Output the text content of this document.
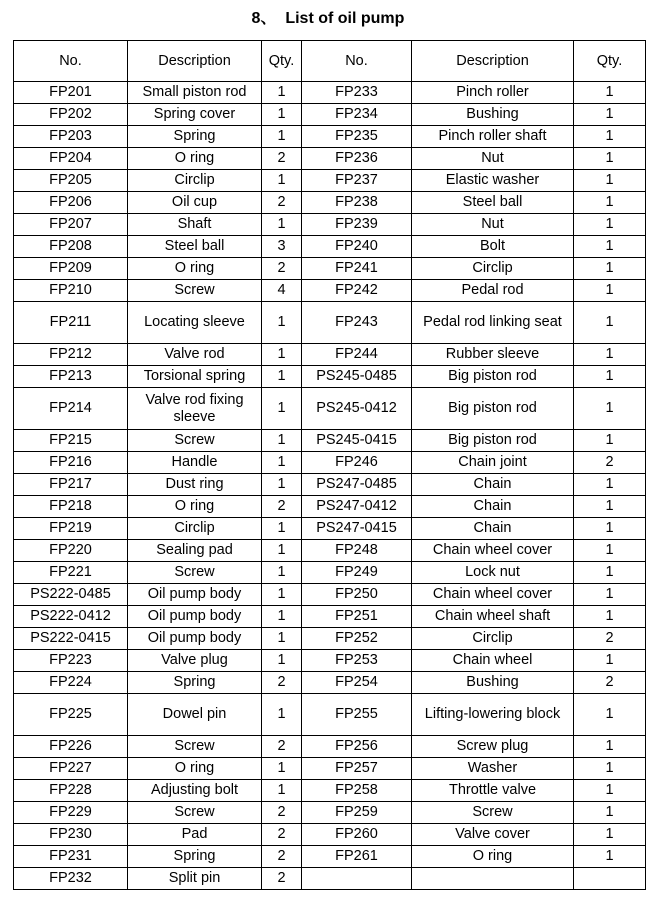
8、  List of oil pump
No.	Description	Qty.	No.	Description	Qty.
FP201	Small piston rod	1	FP233	Pinch roller	1
FP202	Spring cover	1	FP234	Bushing	1
FP203	Spring	1	FP235	Pinch roller shaft	1
FP204	O ring	2	FP236	Nut	1
FP205	Circlip	1	FP237	Elastic washer	1
FP206	Oil cup	2	FP238	Steel ball	1
FP207	Shaft	1	FP239	Nut	1
FP208	Steel ball	3	FP240	Bolt	1
FP209	O ring	2	FP241	Circlip	1
FP210	Screw	4	FP242	Pedal rod	1
FP211	Locating sleeve	1	FP243	Pedal rod linking seat	1
FP212	Valve rod	1	FP244	Rubber sleeve	1
FP213	Torsional spring	1	PS245-0485	Big piston rod	1
FP214	Valve rod fixing sleeve	1	PS245-0412	Big piston rod	1
FP215	Screw	1	PS245-0415	Big piston rod	1
FP216	Handle	1	FP246	Chain joint	2
FP217	Dust ring	1	PS247-0485	Chain	1
FP218	O ring	2	PS247-0412	Chain	1
FP219	Circlip	1	PS247-0415	Chain	1
FP220	Sealing pad	1	FP248	Chain wheel cover	1
FP221	Screw	1	FP249	Lock nut	1
PS222-0485	Oil pump body	1	FP250	Chain wheel cover	1
PS222-0412	Oil pump body	1	FP251	Chain wheel shaft	1
PS222-0415	Oil pump body	1	FP252	Circlip	2
FP223	Valve plug	1	FP253	Chain wheel	1
FP224	Spring	2	FP254	Bushing	2
FP225	Dowel pin	1	FP255	Lifting-lowering block	1
FP226	Screw	2	FP256	Screw plug	1
FP227	O ring	1	FP257	Washer	1
FP228	Adjusting bolt	1	FP258	Throttle valve	1
FP229	Screw	2	FP259	Screw	1
FP230	Pad	2	FP260	Valve cover	1
FP231	Spring	2	FP261	O ring	1
FP232	Split pin	2			
